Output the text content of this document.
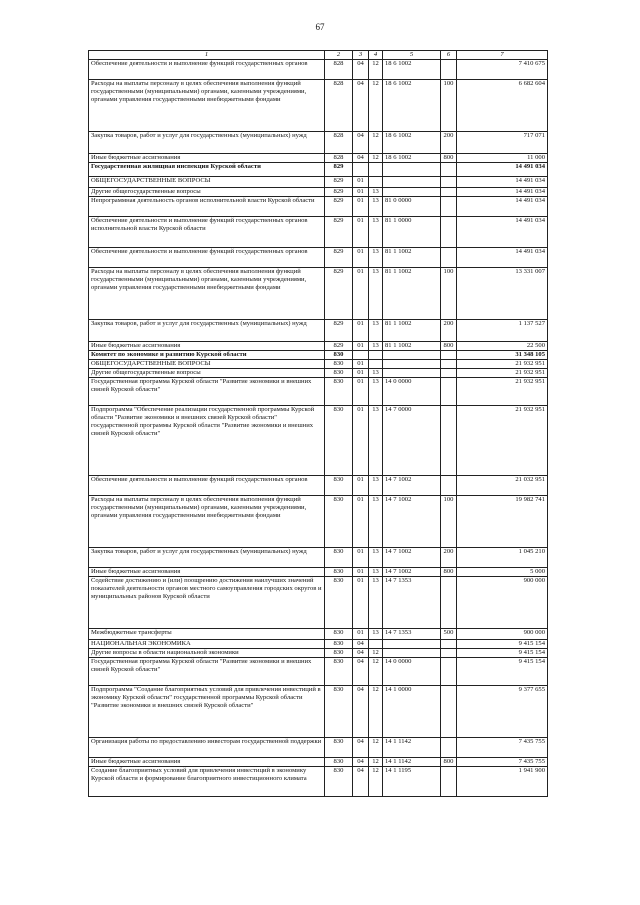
67
1	2	3	4	5	6	7
Обеспечение деятельности и выполнение функций государственных органов	828	04	12	18 6 1002		7 410 675
Расходы на выплаты персоналу в целях обеспечения выполнения функций государственными (муниципальными) органами, казенными учреждениями, органами управления государственными внебюджетными фондами	828	04	12	18 6 1002	100	6 682 604
Закупка товаров, работ и услуг для государственных (муниципальных) нужд	828	04	12	18 6 1002	200	717 071
Иные бюджетные ассигнования	828	04	12	18 6 1002	800	11 000
Государственная жилищная инспекция Курской области	829					14 491 034
ОБЩЕГОСУДАРСТВЕННЫЕ ВОПРОСЫ	829	01				14 491 034
Другие общегосударственные вопросы	829	01	13			14 491 034
Непрограммная деятельность органов исполнительной власти Курской области	829	01	13	81 0 0000		14 491 034
Обеспечение деятельности и выполнение функций государственных органов исполнительной власти Курской области	829	01	13	81 1 0000		14 491 034
Обеспечение деятельности и выполнение функций государственных органов	829	01	13	81 1 1002		14 491 034
Расходы на выплаты персоналу в целях обеспечения выполнения функций государственными (муниципальными) органами, казенными учреждениями, органами управления государственными внебюджетными фондами	829	01	13	81 1 1002	100	13 331 007
Закупка товаров, работ и услуг для государственных (муниципальных) нужд	829	01	13	81 1 1002	200	1 137 527
Иные бюджетные ассигнования	829	01	13	81 1 1002	800	22 500
Комитет по экономике и развитию Курской области	830					31 348 105
ОБЩЕГОСУДАРСТВЕННЫЕ ВОПРОСЫ	830	01				21 932 951
Другие общегосударственные вопросы	830	01	13			21 932 951
Государственная программа Курской области "Развитие экономики и внешних связей Курской области"	830	01	13	14 0 0000		21 932 951
Подпрограмма "Обеспечение реализации государственной программы Курской области "Развитие экономики и внешних связей Курской области" государственной программы Курской области "Развитие экономики и внешних связей Курской области"	830	01	13	14 7 0000		21 932 951
Обеспечение деятельности и выполнение функций государственных органов	830	01	13	14 7 1002		21 032 951
Расходы на выплаты персоналу в целях обеспечения выполнения функций государственными (муниципальными) органами, казенными учреждениями, органами управления государственными внебюджетными фондами	830	01	13	14 7 1002	100	19 982 741
Закупка товаров, работ и услуг для государственных (муниципальных) нужд	830	01	13	14 7 1002	200	1 045 210
Иные бюджетные ассигнования	830	01	13	14 7 1002	800	5 000
Содействие достижению и (или) поощрению достижения наилучших значений показателей деятельности органов местного самоуправления городских округов и муниципальных районов Курской области	830	01	13	14 7 1353		900 000
Межбюджетные трансферты	830	01	13	14 7 1353	500	900 000
НАЦИОНАЛЬНАЯ ЭКОНОМИКА	830	04				9 415 154
Другие вопросы в области национальной экономики	830	04	12			9 415 154
Государственная программа Курской области "Развитие экономики и внешних связей Курской области"	830	04	12	14 0 0000		9 415 154
Подпрограмма "Создание благоприятных условий для привлечения инвестиций в экономику Курской области" государственной программы Курской области "Развитие экономики и внешних связей Курской области"	830	04	12	14 1 0000		9 377 655
Организация работы по предоставлению инвесторам государственной поддержки	830	04	12	14 1 1142		7 435 755
Иные бюджетные ассигнования	830	04	12	14 1 1142	800	7 435 755
Создание благоприятных условий для привлечения инвестиций в экономику Курской области и формирование благоприятного инвестиционного климата	830	04	12	14 1 1195		1 941 900
